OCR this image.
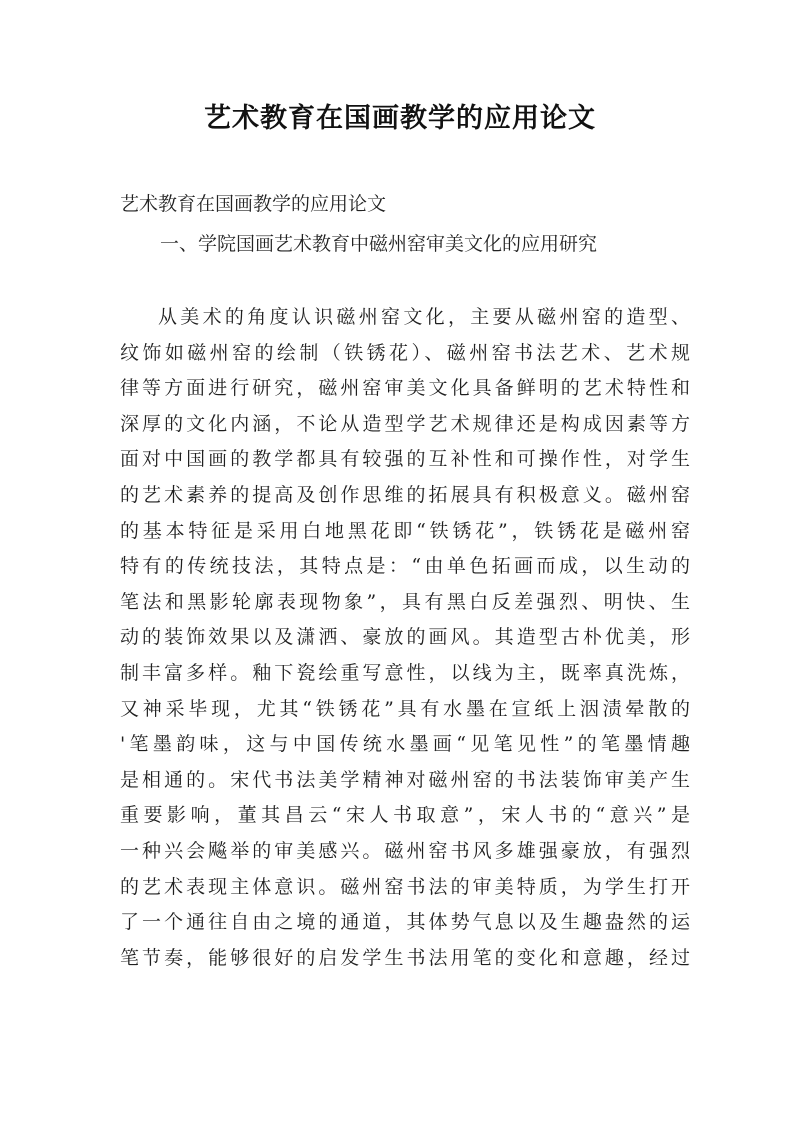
艺术教育在国画教学的应用论文
艺术教育在国画教学的应用论文
一、学院国画艺术教育中磁州窑审美文化的应用研究
从美术的角度认识磁州窑文化，主要从磁州窑的造型、
纹饰如磁州窑的绘制（铁锈花）、磁州窑书法艺术、艺术规
律等方面进行研究，磁州窑审美文化具备鲜明的艺术特性和
深厚的文化内涵，不论从造型学艺术规律还是构成因素等方
面对中国画的教学都具有较强的互补性和可操作性，对学生
的艺术素养的提高及创作思维的拓展具有积极意义。磁州窑
的基本特征是采用白地黑花即“铁锈花”，铁锈花是磁州窑
特有的传统技法，其特点是：“由单色拓画而成，以生动的
笔法和黑影轮廓表现物象”，具有黑白反差强烈、明快、生
动的装饰效果以及潇洒、豪放的画风。其造型古朴优美，形
制丰富多样。釉下瓷绘重写意性，以线为主，既率真洗炼，
又神采毕现，尤其“铁锈花”具有水墨在宣纸上洇渍晕散的
'笔墨韵味，这与中国传统水墨画“见笔见性”的笔墨情趣
是相通的。宋代书法美学精神对磁州窑的书法装饰审美产生
重要影响，董其昌云“宋人书取意”，宋人书的“意兴”是
一种兴会飚举的审美感兴。磁州窑书风多雄强豪放，有强烈
的艺术表现主体意识。磁州窑书法的审美特质，为学生打开
了一个通往自由之境的通道，其体势气息以及生趣盎然的运
笔节奏，能够很好的启发学生书法用笔的变化和意趣，经过
